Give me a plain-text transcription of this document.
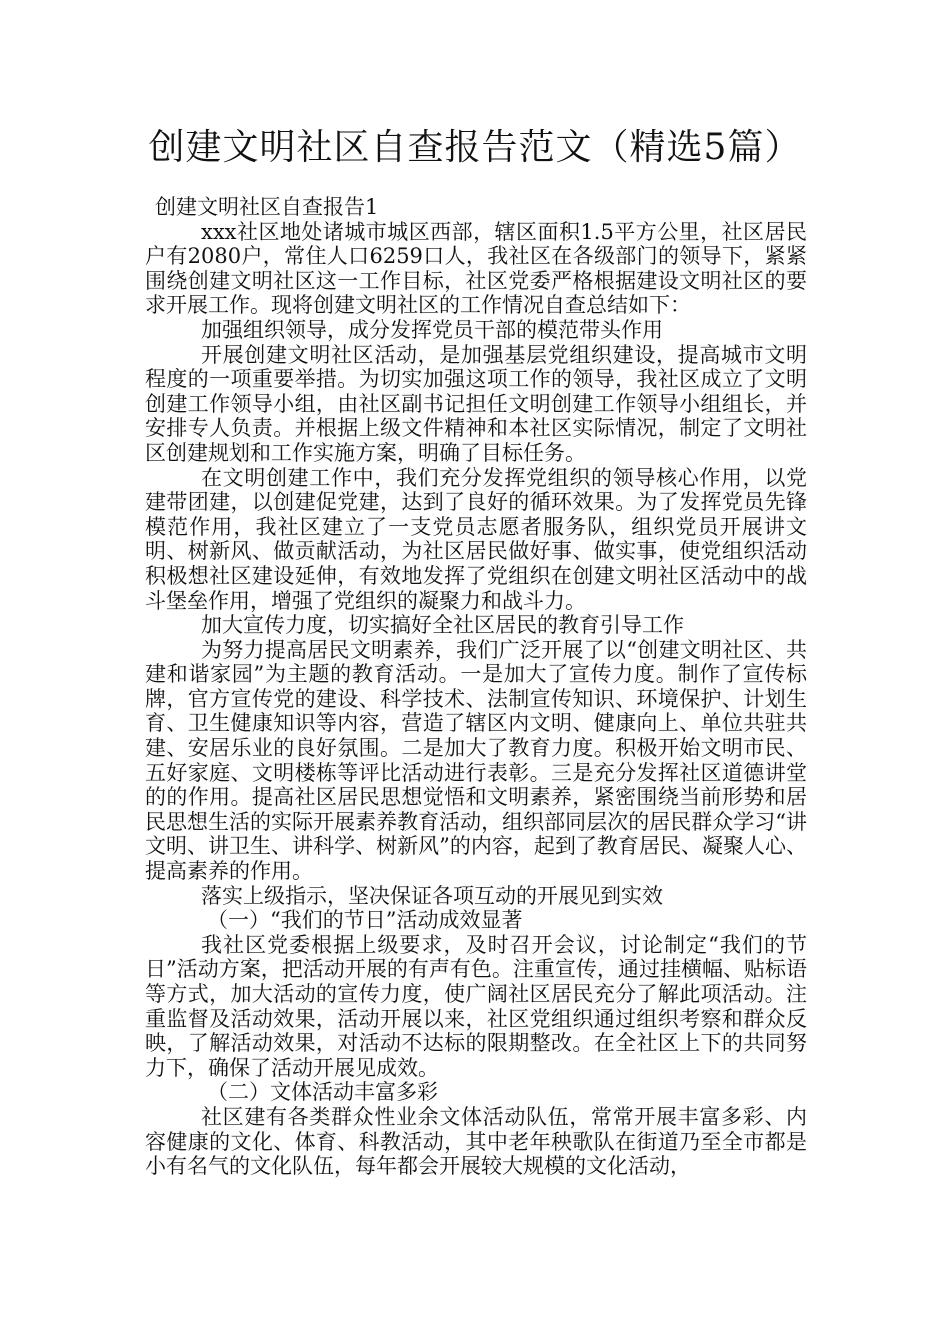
创建文明社区自查报告范文（精选5篇）

创建文明社区自查报告1

xxx社区地处诸城市城区西部，辖区面积1.5平方公里，社区居民户有2080户，常住人口6259口人，我社区在各级部门的领导下，紧紧围绕创建文明社区这一工作目标，社区党委严格根据建设文明社区的要求开展工作。现将创建文明社区的工作情况自查总结如下：

加强组织领导，成分发挥党员干部的模范带头作用

开展创建文明社区活动，是加强基层党组织建设，提高城市文明程度的一项重要举措。为切实加强这项工作的领导，我社区成立了文明创建工作领导小组，由社区副书记担任文明创建工作领导小组组长，并安排专人负责。并根据上级文件精神和本社区实际情况，制定了文明社区创建规划和工作实施方案，明确了目标任务。

在文明创建工作中，我们充分发挥党组织的领导核心作用，以党建带团建，以创建促党建，达到了良好的循环效果。为了发挥党员先锋模范作用，我社区建立了一支党员志愿者服务队，组织党员开展讲文明、树新风、做贡献活动，为社区居民做好事、做实事，使党组织活动积极想社区建设延伸，有效地发挥了党组织在创建文明社区活动中的战斗堡垒作用，增强了党组织的凝聚力和战斗力。

加大宣传力度，切实搞好全社区居民的教育引导工作

为努力提高居民文明素养，我们广泛开展了以“创建文明社区、共建和谐家园”为主题的教育活动。一是加大了宣传力度。制作了宣传标牌，官方宣传党的建设、科学技术、法制宣传知识、环境保护、计划生育、卫生健康知识等内容，营造了辖区内文明、健康向上、单位共驻共建、安居乐业的良好氛围。二是加大了教育力度。积极开始文明市民、五好家庭、文明楼栋等评比活动进行表彰。三是充分发挥社区道德讲堂的的作用。提高社区居民思想觉悟和文明素养，紧密围绕当前形势和居民思想生活的实际开展素养教育活动，组织部同层次的居民群众学习“讲文明、讲卫生、讲科学、树新风”的内容，起到了教育居民、凝聚人心、提高素养的作用。

落实上级指示，坚决保证各项互动的开展见到实效

（一）“我们的节日”活动成效显著

我社区党委根据上级要求，及时召开会议，讨论制定“我们的节日”活动方案，把活动开展的有声有色。注重宣传，通过挂横幅、贴标语等方式，加大活动的宣传力度，使广阔社区居民充分了解此项活动。注重监督及活动效果，活动开展以来，社区党组织通过组织考察和群众反映，了解活动效果，对活动不达标的限期整改。在全社区上下的共同努力下，确保了活动开展见成效。

（二）文体活动丰富多彩

社区建有各类群众性业余文体活动队伍，常常开展丰富多彩、内容健康的文化、体育、科教活动，其中老年秧歌队在街道乃至全市都是小有名气的文化队伍，每年都会开展较大规模的文化活动，
